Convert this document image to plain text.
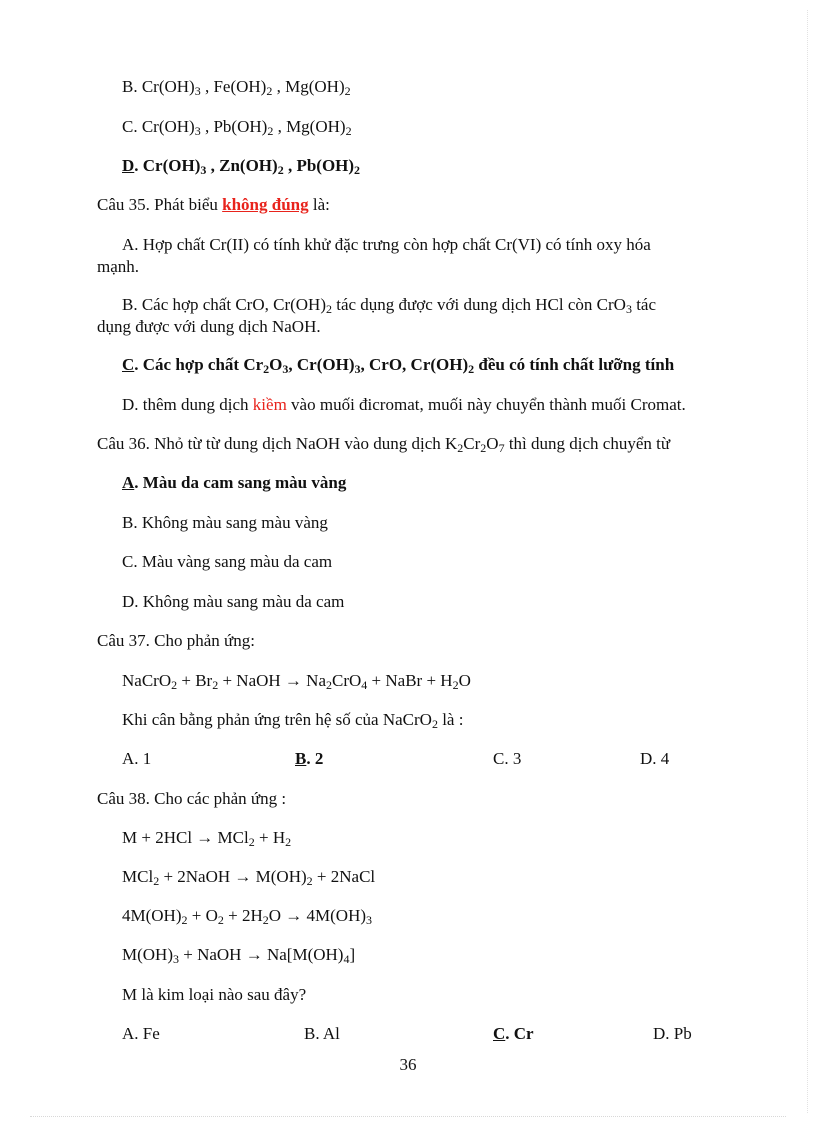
B. $Cr(OH)_3$ , $Fe(OH)_2$ , $Mg(OH)_2$
C. $Cr(OH)_3$ , $Pb(OH)_2$ , $Mg(OH)_2$
D. $Cr(OH)_3$ , $Zn(OH)_2$ , $Pb(OH)_2$
Câu 35. Phát biểu không đúng là:
A. Hợp chất Cr(II) có tính khử đặc trưng còn hợp chất Cr(VI) có tính oxy hóa
mạnh.
B. Các hợp chất CrO, $Cr(OH)_2$ tác dụng được với dung dịch HCl còn CrO$_3$ tác
dụng được với dung dịch NaOH.
C. Các hợp chất $Cr_2O_3$, $Cr(OH)_3$, CrO, $Cr(OH)_2$ đều có tính chất lưỡng tính
D. thêm dung dịch kiềm vào muối đicromat, muối này chuyển thành muối Cromat.
Câu 36. Nhỏ từ từ dung dịch NaOH vào dung dịch $K_2Cr_2O_7$ thì dung dịch chuyển từ
A. Màu da cam sang màu vàng
B. Không màu sang màu vàng
C. Màu vàng sang màu da cam
D. Không màu sang màu da cam
Câu 37. Cho phản ứng:
NaCrO$_2$ + $Br_2$ + NaOH → $Na_2CrO_4$ + NaBr + $H_2O$
Khi cân bằng phản ứng trên hệ số của NaCrO$_2$ là :
A. 1	B. 2	C. 3	D. 4
Câu 38. Cho các phản ứng :
$M + 2HCl \to MCl_2 + H_2$
MCl$_2$ + 2NaOH → $M(OH)_2$ + 2NaCl
$4M(OH)_2 + O_2 + 2H_2O \to 4M(OH)_3$
$M(OH)_3$ + NaOH → $Na[M(OH)_4]$
M là kim loại nào sau đây?
A. Fe	B. Al	C. Cr	D. Pb
36
